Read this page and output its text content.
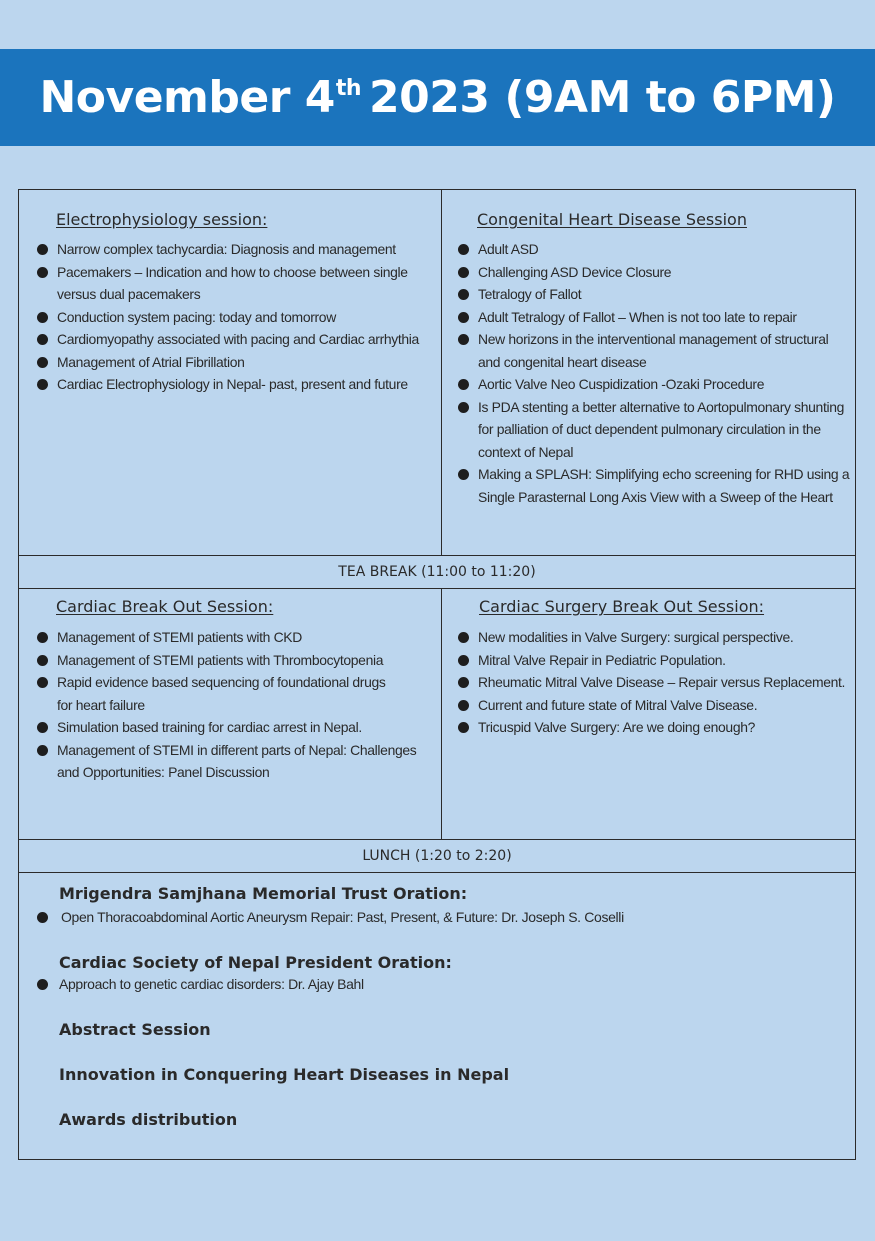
November 4th 2023 (9AM to 6PM)
Electrophysiology session:
Narrow complex tachycardia: Diagnosis and management
Pacemakers – Indication and how to choose between single
versus dual pacemakers
Conduction system pacing: today and tomorrow
Cardiomyopathy associated with pacing and Cardiac arrhythia
Management of Atrial Fibrillation
Cardiac Electrophysiology in Nepal- past, present and future
Congenital Heart Disease Session
Adult ASD
Challenging ASD Device Closure
Tetralogy of Fallot
Adult Tetralogy of Fallot – When is not too late to repair
New horizons in the interventional management of structural
and congenital heart disease
Aortic Valve Neo Cuspidization -Ozaki Procedure
Is PDA stenting a better alternative to Aortopulmonary shunting
for palliation of duct dependent pulmonary circulation in the
context of Nepal
Making a SPLASH: Simplifying echo screening for RHD using a
Single Parasternal Long Axis View with a Sweep of the Heart
TEA BREAK (11:00 to 11:20)
Cardiac Break Out Session:
Management of STEMI patients with CKD
Management of STEMI patients with Thrombocytopenia
Rapid evidence based sequencing of foundational drugs
for heart failure
Simulation based training for cardiac arrest in Nepal.
Management of STEMI in different parts of Nepal: Challenges
and Opportunities: Panel Discussion
Cardiac Surgery Break Out Session:
New modalities in Valve Surgery: surgical perspective.
Mitral Valve Repair in Pediatric Population.
Rheumatic Mitral Valve Disease – Repair versus Replacement.
Current and future state of Mitral Valve Disease.
Tricuspid Valve Surgery: Are we doing enough?
LUNCH (1:20 to 2:20)
Mrigendra Samjhana Memorial Trust Oration:
Open Thoracoabdominal Aortic Aneurysm Repair: Past, Present, & Future: Dr. Joseph S. Coselli
Cardiac Society of Nepal President Oration:
Approach to genetic cardiac disorders: Dr. Ajay Bahl
Abstract Session
Innovation in Conquering Heart Diseases in Nepal
Awards distribution
